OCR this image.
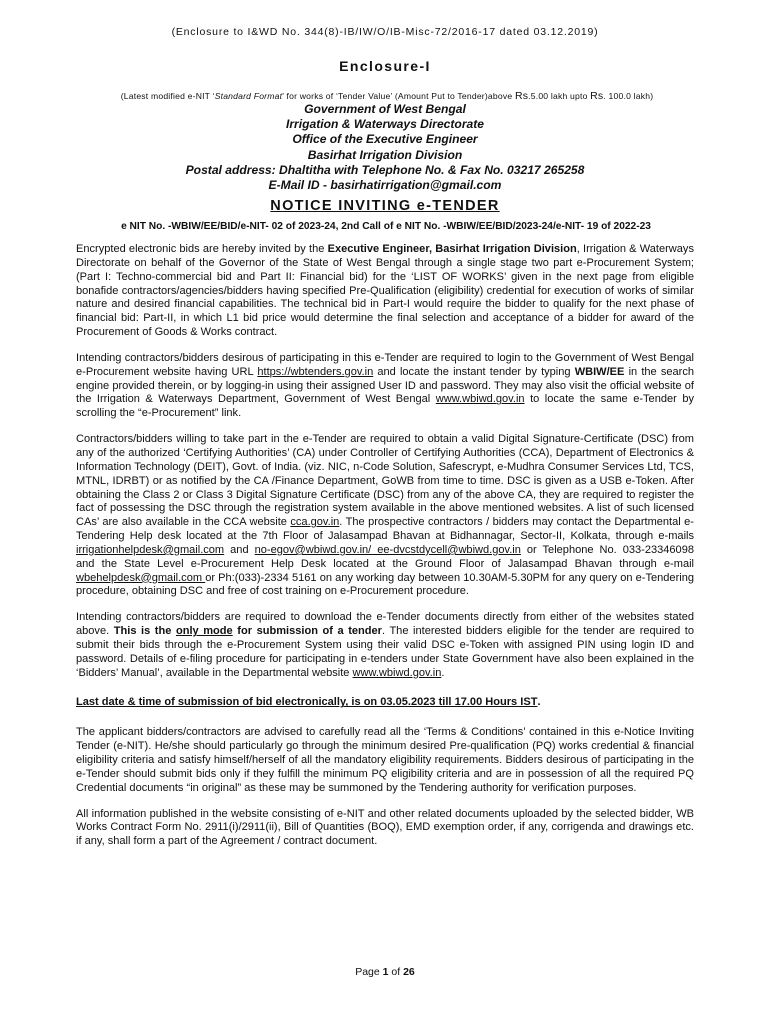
(Enclosure to I&WD No. 344(8)-IB/IW/O/IB-Misc-72/2016-17 dated 03.12.2019)
Enclosure-I
(Latest modified e-NIT ‘Standard Format’ for works of ‘Tender Value’ (Amount Put to Tender)above Rs.5.00 lakh upto Rs. 100.0 lakh)
Government of West Bengal
Irrigation & Waterways Directorate
Office of the Executive Engineer
Basirhat Irrigation Division
Postal address: Dhaltitha with Telephone No. & Fax No. 03217 265258
E-Mail ID - basirhatirrigation@gmail.com
NOTICE INVITING e-TENDER
e NIT No. -WBIW/EE/BID/e-NIT- 02 of 2023-24, 2nd Call of e NIT No. -WBIW/EE/BID/2023-24/e-NIT- 19 of 2022-23

Encrypted electronic bids are hereby invited by the Executive Engineer, Basirhat Irrigation Division, Irrigation & Waterways Directorate on behalf of the Governor of the State of West Bengal through a single stage two part e-Procurement System; (Part I: Techno-commercial bid and Part II: Financial bid) for the ‘LIST OF WORKS’ given in the next page from eligible bonafide contractors/agencies/bidders having specified Pre-Qualification (eligibility) credential for execution of works of similar nature and desired financial capabilities. The technical bid in Part-I would require the bidder to qualify for the next phase of financial bid: Part-II, in which L1 bid price would determine the final selection and acceptance of a bidder for award of the Procurement of Goods & Works contract.

Intending contractors/bidders desirous of participating in this e-Tender are required to login to the Government of West Bengal e-Procurement website having URL https://wbtenders.gov.in and locate the instant tender by typing WBIW/EE in the search engine provided therein, or by logging-in using their assigned User ID and password. They may also visit the official website of the Irrigation & Waterways Department, Government of West Bengal www.wbiwd.gov.in to locate the same e-Tender by scrolling the “e-Procurement” link.

Contractors/bidders willing to take part in the e-Tender are required to obtain a valid Digital Signature-Certificate (DSC) from any of the authorized ‘Certifying Authorities’ (CA) under Controller of Certifying Authorities (CCA), Department of Electronics & Information Technology (DEIT), Govt. of India. (viz. NIC, n-Code Solution, Safescrypt, e-Mudhra Consumer Services Ltd, TCS, MTNL, IDRBT) or as notified by the CA /Finance Department, GoWB from time to time. DSC is given as a USB e-Token. After obtaining the Class 2 or Class 3 Digital Signature Certificate (DSC) from any of the above CA, they are required to register the fact of possessing the DSC through the registration system available in the above mentioned websites. A list of such licensed CAs’ are also available in the CCA website cca.gov.in. The prospective contractors / bidders may contact the Departmental e-Tendering Help desk located at the 7th Floor of Jalasampad Bhavan at Bidhannagar, Sector-II, Kolkata, through e-mails irrigationhelpdesk@gmail.com and no-egov@wbiwd.gov.in/ ee-dvcstdycell@wbiwd.gov.in or Telephone No. 033-23346098 and the State Level e-Procurement Help Desk located at the Ground Floor of Jalasampad Bhavan through e-mail wbehelpdesk@gmail.com or Ph:(033)-2334 5161 on any working day between 10.30AM-5.30PM for any query on e-Tendering procedure, obtaining DSC and free of cost training on e-Procurement procedure.

Intending contractors/bidders are required to download the e-Tender documents directly from either of the websites stated above. This is the only mode for submission of a tender. The interested bidders eligible for the tender are required to submit their bids through the e-Procurement System using their valid DSC e-Token with assigned PIN using login ID and password. Details of e-filing procedure for participating in e-tenders under State Government have also been explained in the ‘Bidders’ Manual’, available in the Departmental website www.wbiwd.gov.in.

Last date & time of submission of bid electronically, is on 03.05.2023 till 17.00 Hours IST.

The applicant bidders/contractors are advised to carefully read all the ‘Terms & Conditions’ contained in this e-Notice Inviting Tender (e-NIT). He/she should particularly go through the minimum desired Pre-qualification (PQ) works credential & financial eligibility criteria and satisfy himself/herself of all the mandatory eligibility requirements. Bidders desirous of participating in the e-Tender should submit bids only if they fulfill the minimum PQ eligibility criteria and are in possession of all the required PQ Credential documents “in original” as these may be summoned by the Tendering authority for verification purposes.

All information published in the website consisting of e-NIT and other related documents uploaded by the selected bidder, WB Works Contract Form No. 2911(i)/2911(ii), Bill of Quantities (BOQ), EMD exemption order, if any, corrigenda and drawings etc. if any, shall form a part of the Agreement / contract document.

Page 1 of 26
